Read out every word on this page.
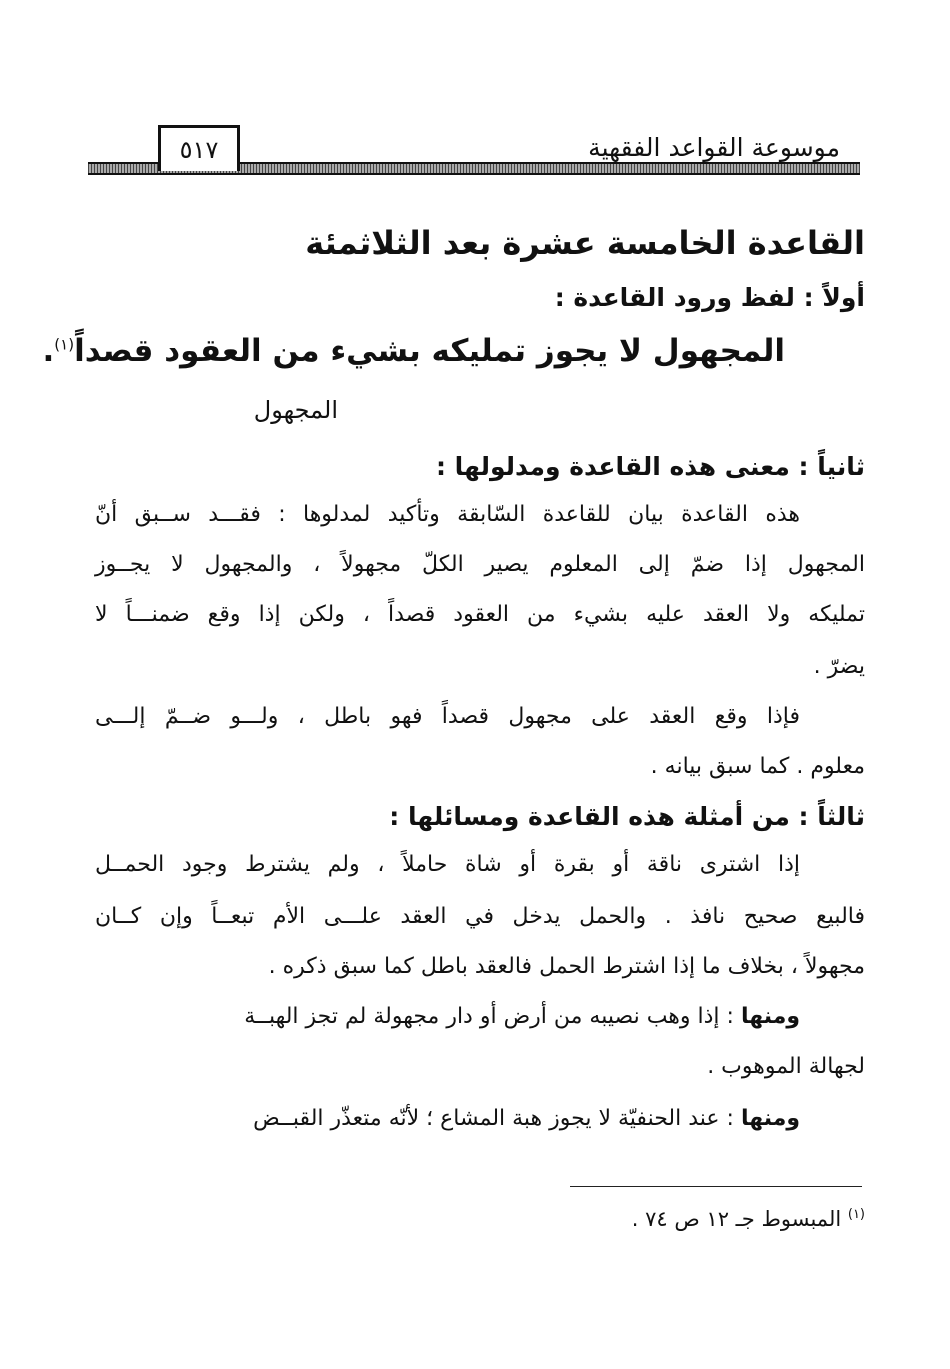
موسوعة القواعد الفقهية
٥١٧
القاعدة الخامسة عشرة بعد الثلاثمئة
أولاً : لفظ ورود القاعدة :
المجهول لا يجوز تمليكه بشيء من العقود قصداً$^{(١)}$.
المجهول
ثانياً : معنى هذه القاعدة ومدلولها :
هذه القاعدة بيان للقاعدة السّابقة وتأكيد لمدلوها : فقـــد ســبق أنّ
المجهول إذا ضمّ إلى المعلوم يصير الكلّ مجهولاً ، والمجهول لا يجــوز
تمليكه ولا العقد عليه بشيء من العقود قصداً ، ولكن إذا وقع ضمنـــاً لا
يضرّ .
فإذا وقع العقد على مجهول قصداً فهو باطل ، ولـــو ضــمّ إلـــى
معلوم . كما سبق بيانه .
ثالثاً : من أمثلة هذه القاعدة ومسائلها :
إذا اشترى ناقة أو بقرة أو شاة حاملاً ، ولم يشترط وجود الحمــل
فالبيع صحيح نافذ . والحمل يدخل في العقد علـــى الأم تبعــاً وإن كــان
مجهولاً ، بخلاف ما إذا اشترط الحمل فالعقد باطل كما سبق ذكره .
ومنها : إذا وهب نصيبه من أرض أو دار مجهولة لم تجز الهبــة
لجهالة الموهوب .
ومنها : عند الحنفيّة لا يجوز هبة المشاع ؛ لأنّه متعذّر القبــض
$^{(١)}$ المبسوط جـ ١٢ ص ٧٤ .
